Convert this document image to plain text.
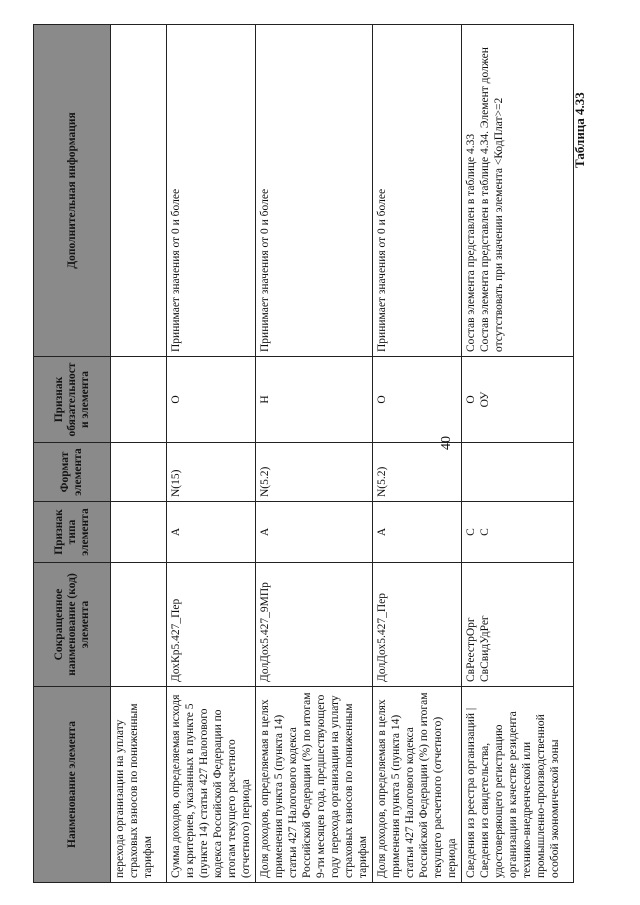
Наименование элемента	Сокращенное наименование (код) элемента	Признак типа элемента	Формат элемента	Признак обязательности элемента	Дополнительная информация
перехода организации на уплату страховых взносов по пониженным тарифам					
Сумма доходов, определяемая исходя из критериев, указанных в пункте 5 (пункте 14) статьи 427 Налогового кодекса Российской Федерации по итогам текущего расчетного (отчетного) периода	ДохКр5.427_Пер	А	N(15)	О	Принимает значения от 0 и более
Доля доходов, определяемая в целях применения пункта 5 (пункта 14) статьи 427 Налогового кодекса Российской Федерации (%) по итогам 9-ти месяцев года, предшествующего году перехода организации на уплату страховых взносов по пониженным тарифам	ДолДох5.427_9МПр	А	N(5.2)	Н	Принимает значения от 0 и более
Доля доходов, определяемая в целях применения пункта 5 (пункта 14) статьи 427 Налогового кодекса Российской Федерации (%) по итогам текущего расчетного (отчетного) периода	ДолДох5.427_Пер	А	N(5.2)	О	Принимает значения от 0 и более
Сведения из реестра организаций | Сведения из свидетельства, удостоверяющего регистрацию организации в качестве резидента технико-внедренческой или промышленно-производственной особой экономической зоны	СвРеестрОрг СвСвидУдРег	С С		О ОУ	Состав элемента представлен в таблице 4.33 Состав элемента представлен в таблице 4.34. Элемент должен отсутствовать при значении элемента <КодПлат>=2
40
Таблица 4.33
